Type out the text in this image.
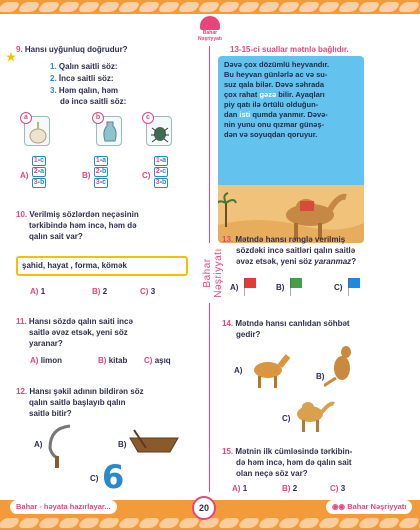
Bahar
Nəşriyyatı
Bahar Nəşriyyatı
9. Hansı uyğunluq doğrudur?
1. Qalın saitli söz:
2. İncə saitli söz:
3. Həm qalın, həm
də incə saitli söz:
a	b	c
A)
1-c
2-a
3-b
B)
1-a
2-b
3-c
C)
1-a
2-c
3-b
10. Verilmiş sözlərdən neçəsinin
tərkibində həm incə, həm də
qalın sait var?
şahid, hayat , forma, kömək
A) 1	B) 2	C) 3
11. Hansı sözdə qalın saiti incə
saitlə əvəz etsək, yeni söz
yaranar?
A) limon	B) kitab C) aşıq
12. Hansı şəkil adının bildirən söz
qalın saitlə başlayıb qalın
saitlə bitir?
A)	B)
C) 6
13-15-ci suallar mətnlə bağlıdır.
Dəvə çox dözümlü heyvandır.
Bu heyvan günlərlə ac və su-
suz qala bilər. Dəvə səhrada
çox rahat gəzə bilir. Ayaqları
piy qatı ilə örtülü olduğun-
dan isti qumda yanmır. Dəvə-
nin yunu onu qızmar günəş-
dən və soyuqdan qoruyur.
13. Mətndə hansı rənglə verilmiş
sözdəki incə saitləri qalın saitlə
əvəz etsək, yeni söz yaranmaz?
A)	B)	C)
14. Mətndə hansı canlıdan söhbət
gedir?
A)
B)
C)
15. Mətnin ilk cümləsində tərkibin-
də həm incə, həm də qalın sait
olan neçə söz var?
A) 1	B) 2	C) 3
Bahar - həyata hazırlayar...	20	◉◉ Bahar Nəşriyyatı
